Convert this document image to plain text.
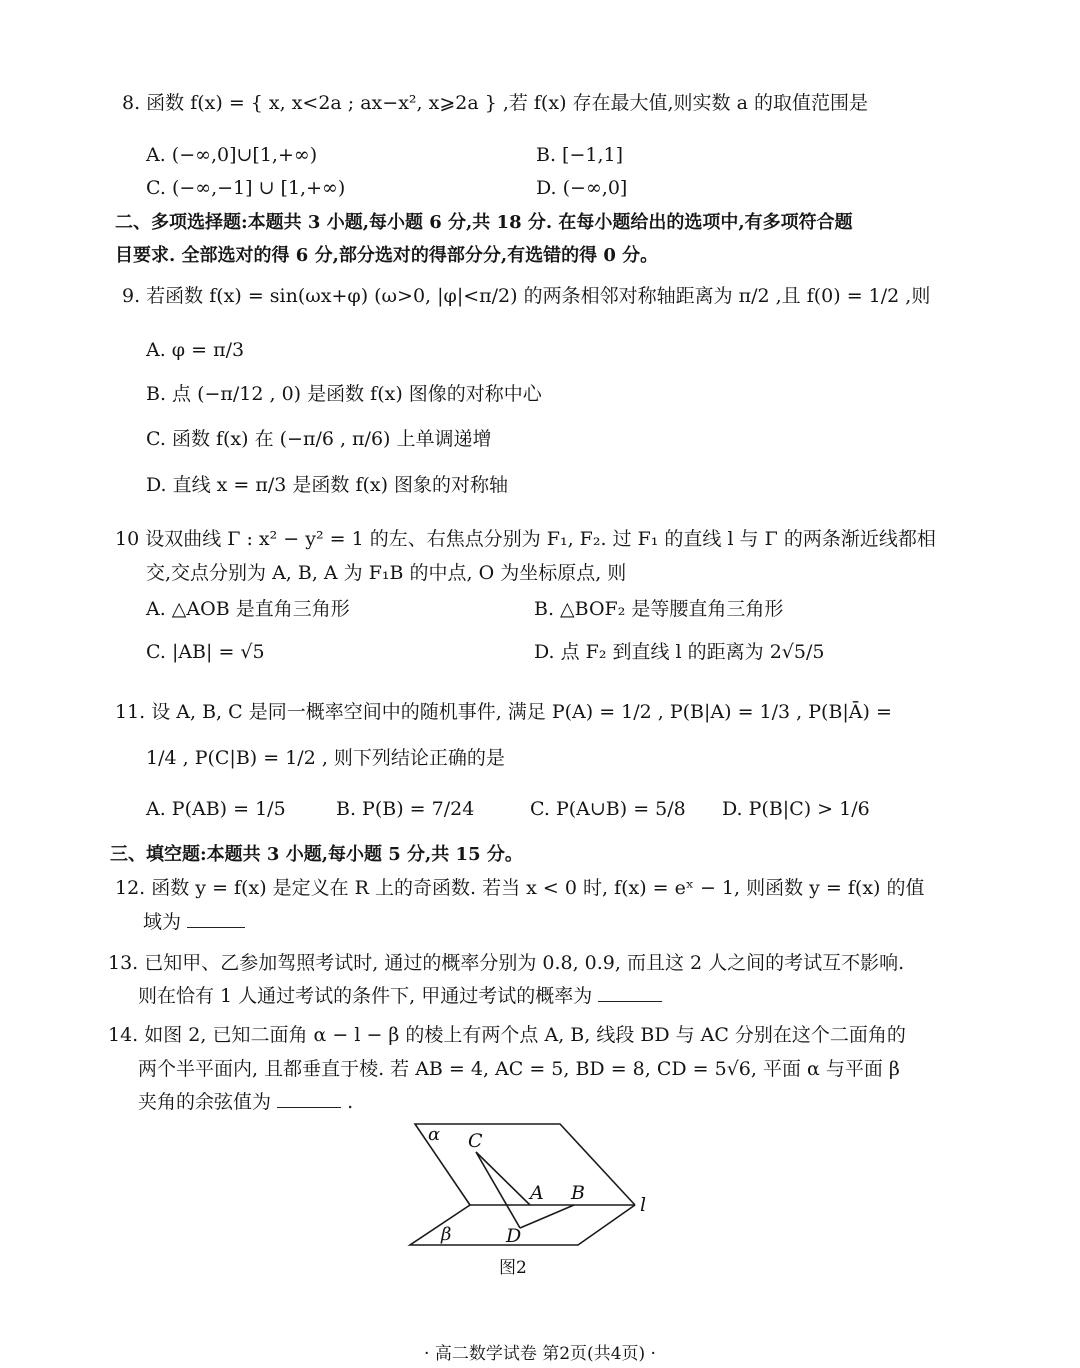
8. 函数 f(x) = { x, x<2a ; ax−x², x⩾2a } ,若 f(x) 存在最大值,则实数 a 的取值范围是
A. (−∞,0]∪[1,+∞)	B. [−1,1]
C. (−∞,−1] ∪ [1,+∞)	D. (−∞,0]
二、多项选择题:本题共 3 小题,每小题 6 分,共 18 分. 在每小题给出的选项中,有多项符合题
目要求. 全部选对的得 6 分,部分选对的得部分分,有选错的得 0 分。
9. 若函数 f(x) = sin(ωx+φ) (ω>0, |φ|<π/2) 的两条相邻对称轴距离为 π/2 ,且 f(0) = 1/2 ,则
A. φ = π/3
B. 点 (−π/12 , 0) 是函数 f(x) 图像的对称中心
C. 函数 f(x) 在 (−π/6 , π/6) 上单调递增
D. 直线 x = π/3 是函数 f(x) 图象的对称轴
10 设双曲线 Γ : x² − y² = 1 的左、右焦点分别为 F₁, F₂. 过 F₁ 的直线 l 与 Γ 的两条渐近线都相
交,交点分别为 A, B, A 为 F₁B 的中点, O 为坐标原点, 则
A. △AOB 是直角三角形	B. △BOF₂ 是等腰直角三角形
C. |AB| = √5	D. 点 F₂ 到直线 l 的距离为 2√5/5
11. 设 A, B, C 是同一概率空间中的随机事件, 满足 P(A) = 1/2 , P(B|A) = 1/3 , P(B|Ā) =
1/4 , P(C|B) = 1/2 , 则下列结论正确的是
A. P(AB) = 1/5	B. P(B) = 7/24	C. P(A∪B) = 5/8 D. P(B|C) > 1/6
三、填空题:本题共 3 小题,每小题 5 分,共 15 分。
12. 函数 y = f(x) 是定义在 R 上的奇函数. 若当 x < 0 时, f(x) = eˣ − 1, 则函数 y = f(x) 的值
域为
13. 已知甲、乙参加驾照考试时, 通过的概率分别为 0.8, 0.9, 而且这 2 人之间的考试互不影响.
则在恰有 1 人通过考试的条件下, 甲通过考试的概率为
14. 如图 2, 已知二面角 α − l − β 的棱上有两个点 A, B, 线段 BD 与 AC 分别在这个二面角的
两个半平面内, 且都垂直于棱. 若 AB = 4, AC = 5, BD = 8, CD = 5√6, 平面 α 与平面 β
夹角的余弦值为	.
α C
A B
l
β	D
图2
· 高二数学试卷 第2页(共4页) ·
